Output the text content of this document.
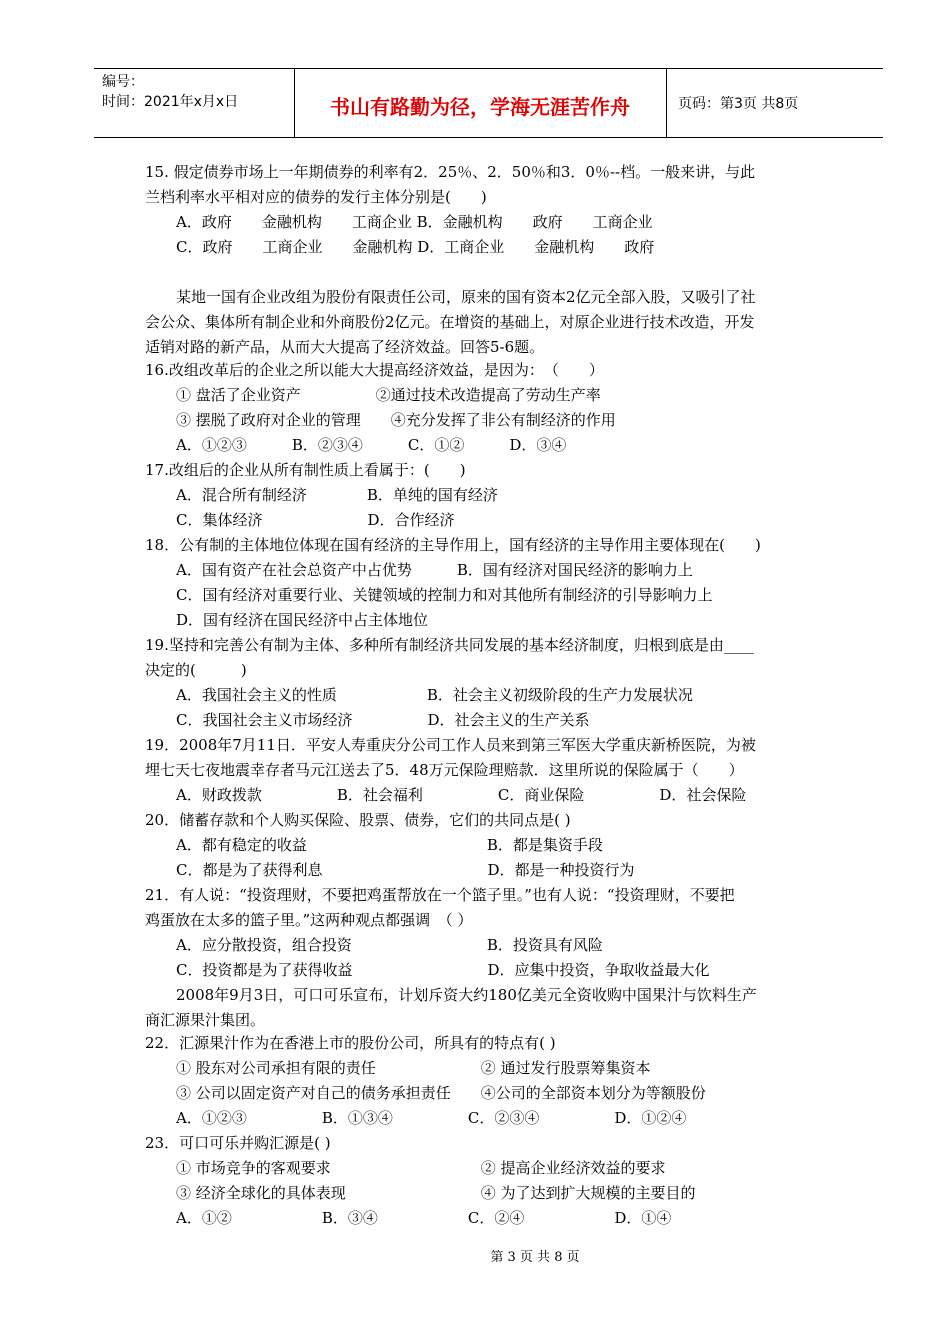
编号：
时间：2021年x月x日	书山有路勤为径，学海无涯苦作舟	页码：第3页 共8页
15. 假定债券市场上一年期债券的利率有2．25％、2．50％和3．0％--档。一般来讲，与此
兰档利率水平相对应的债券的发行主体分别是(　　)
A．政府　　金融机构　　工商企业 B．金融机构　　政府　　工商企业
C．政府　　工商企业　　金融机构 D．工商企业　　金融机构　　政府
某地一国有企业改组为股份有限责任公司，原来的国有资本2亿元全部入股，又吸引了社
会公众、集体所有制企业和外商股份2亿元。在增资的基础上，对原企业进行技术改造，开发
适销对路的新产品，从而大大提高了经济效益。回答5-6题。
16.改组改革后的企业之所以能大大提高经济效益，是因为：　（　　）
① 盘活了企业资产　　　　　②通过技术改造提高了劳动生产率
③ 摆脱了政府对企业的管理　　④充分发挥了非公有制经济的作用
A．①②③　　　B．②③④　　　C．①②　　　D．③④
17.改组后的企业从所有制性质上看属于：(　　)
A．混合所有制经济　　　　B．单纯的国有经济
C．集体经济　　　　　　　D．合作经济
18．公有制的主体地位体现在国有经济的主导作用上，国有经济的主导作用主要体现在(　　)
A．国有资产在社会总资产中占优势　　　B．国有经济对国民经济的影响力上
C．国有经济对重要行业、关键领域的控制力和对其他所有制经济的引导影响力上
D．国有经济在国民经济中占主体地位
19.坚持和完善公有制为主体、多种所有制经济共同发展的基本经济制度，归根到底是由____
决定的(　　　)
A．我国社会主义的性质　　　　　　B．社会主义初级阶段的生产力发展状况
C．我国社会主义市场经济　　　　　D．社会主义的生产关系
19．2008年7月11日．平安人寿重庆分公司工作人员来到第三军医大学重庆新桥医院，为被
埋七天七夜地震幸存者马元江送去了5．48万元保险理赔款．这里所说的保险属于（　　）
A．财政拨款　　　　　B．社会福利　　　　　C．商业保险　　　　　D．社会保险
20．储蓄存款和个人购买保险、股票、债券，它们的共同点是( )
A．都有稳定的收益　　　　　　　　　　　　B．都是集资手段
C．都是为了获得利息　　　　　　　　　　　D．都是一种投资行为
21．有人说：“投资理财，不要把鸡蛋帮放在一个篮子里。”也有人说：“投资理财，不要把
鸡蛋放在太多的篮子里。”这两种观点都强调　（ ）
A．应分散投资，组合投资　　　　　　　　　B．投资具有风险
C．投资都是为了获得收益　　　　　　　　　D．应集中投资，争取收益最大化
2008年9月3日，可口可乐宣布，计划斥资大约180亿美元全资收购中国果汁与饮料生产
商汇源果汁集团。
22．汇源果汁作为在香港上市的股份公司，所具有的特点有( )
① 股东对公司承担有限的责任　　　　　　　② 通过发行股票筹集资本
③ 公司以固定资产对自己的债务承担责任　　④公司的全部资本划分为等额股份
A．①②③　　　　　B．①③④　　　　　C．②③④　　　　　D．①②④
23．可口可乐并购汇源是( )
① 市场竞争的客观要求　　　　　　　　　　② 提高企业经济效益的要求
③ 经济全球化的具体表现　　　　　　　　　④ 为了达到扩大规模的主要目的
A．①②　　　　　　B．③④　　　　　　C．②④　　　　　　D．①④
第 3 页 共 8 页
